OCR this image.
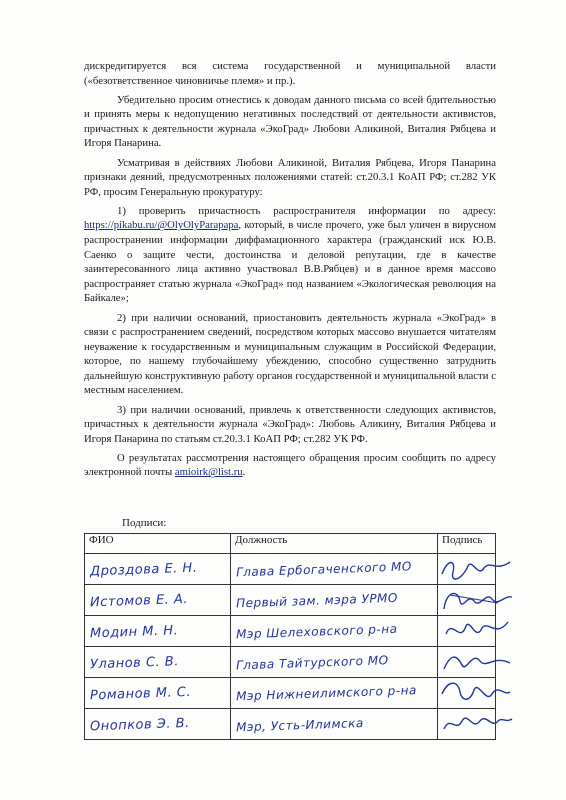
дискредитируется вся система государственной и муниципальной власти («безответственное чиновничье племя» и пр.).

Убедительно просим отнестись к доводам данного письма со всей бдительностью и принять меры к недопущению негативных последствий от деятельности активистов, причастных к деятельности журнала «ЭкоГрад» Любови Аликиной, Виталия Рябцева и Игоря Панарина.

Усматривая в действиях Любови Аликиной, Виталия Рябцева, Игоря Панарина признаки деяний, предусмотренных положениями статей: ст.20.3.1 КоАП РФ; ст.282 УК РФ, просим Генеральную прокуратуру:

1) проверить причастность распространителя информации по адресу: https://pikabu.ru/@OlyOlyParapapa, который, в числе прочего, уже был уличен в вирусном распространении информации диффамационного характера (гражданский иск Ю.В. Саенко о защите чести, достоинства и деловой репутации, где в качестве заинтересованного лица активно участвовал В.В.Рябцев) и в данное время массово распространяет статью журнала «ЭкоГрад» под названием «Экологическая революция на Байкале»;

2) при наличии оснований, приостановить деятельность журнала «ЭкоГрад» в связи с распространением сведений, посредством которых массово внушается читателям неуважение к государственным и муниципальным служащим в Российской Федерации, которое, по нашему глубочайшему убеждению, способно существенно затруднить дальнейшую конструктивную работу органов государственной и муниципальной власти с местным населением.

3) при наличии оснований, привлечь к ответственности следующих активистов, причастных к деятельности журнала «ЭкоГрад»: Любовь Аликину, Виталия Рябцева и Игоря Панарина по статьям ст.20.3.1 КоАП РФ; ст.282 УК РФ.

О результатах рассмотрения настоящего обращения просим сообщить по адресу электронной почты amioirk@list.ru.

Подписи:
ФИО	Должность	Подпись

Дроздова Е. Н.	Глава Ербогаченского МО

Истомов Е. А.	Первый зам. мэра УРМО

Модин М. Н.	Мэр Шелеховского р-на

Уланов С. В.	Глава Тайтурского МО

Романов М. С.	Мэр Нижнеилимского р-на

Онопков Э. В.	Мэр, Усть-Илимска
